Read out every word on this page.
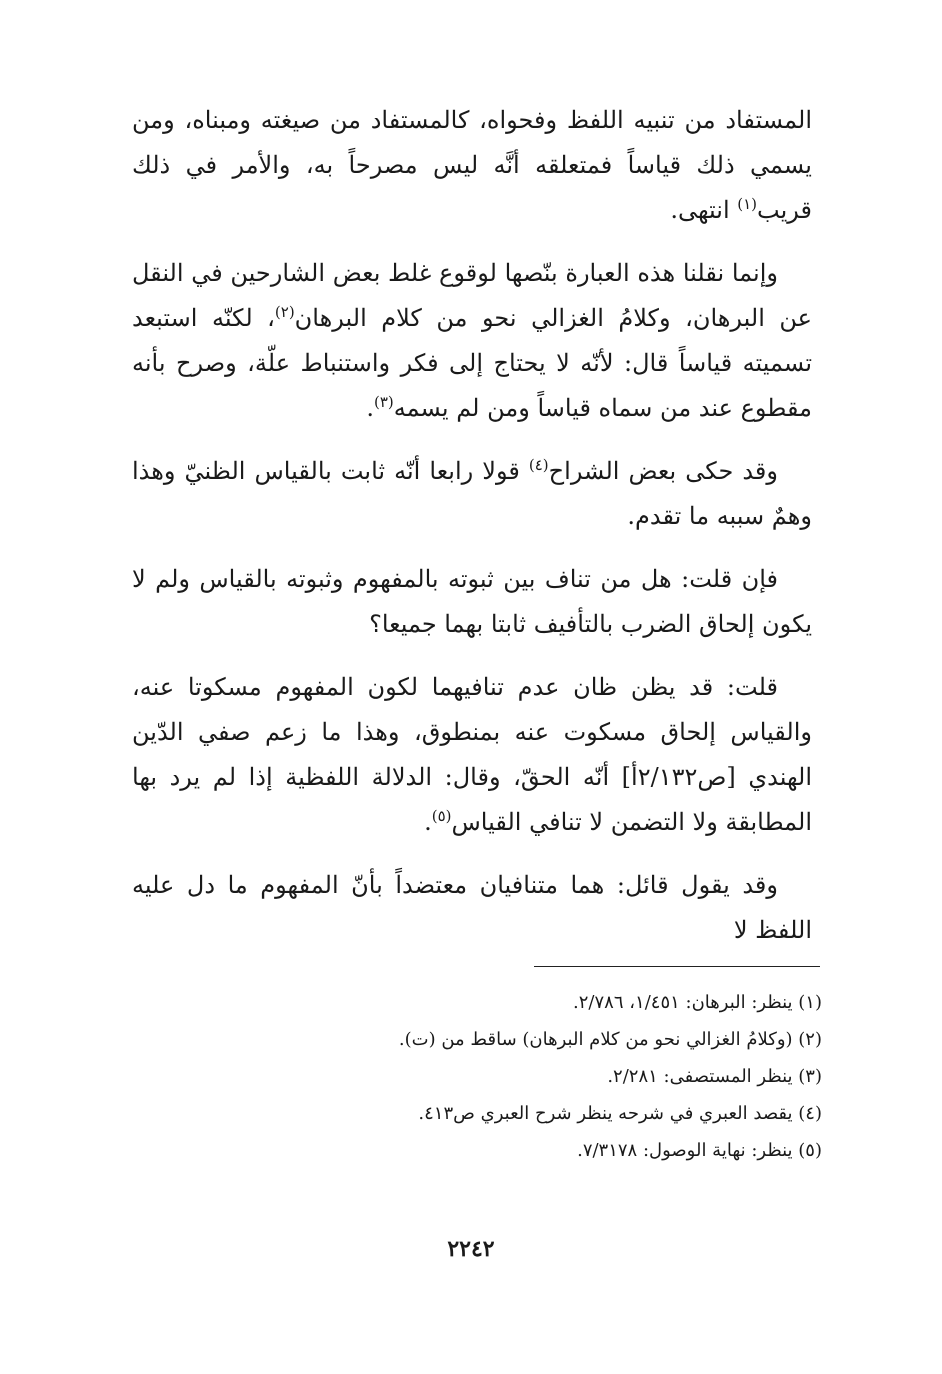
المستفاد من تنبيه اللفظ وفحواه، كالمستفاد من صيغته ومبناه، ومن يسمي ذلك قياساً فمتعلقه أنَّه ليس مصرحاً به، والأمر في ذلك قريب$^{(١)}$ انتهى.

وإنما نقلنا هذه العبارة بنّصها لوقوع غلط بعض الشارحين في النقل عن البرهان، وكلامُ الغزالي نحو من كلام البرهان$^{(٢)}$، لكنّه استبعد تسميته قياساً قال: لأنّه لا يحتاج إلى فكر واستنباط علّة، وصرح بأنه مقطوع عند من سماه قياساً ومن لم يسمه$^{(٣)}$.

وقد حكى بعض الشراح$^{(٤)}$ قولا رابعا أنّه ثابت بالقياس الظنيّ وهذا وهمٌ سببه ما تقدم.

فإن قلت: هل من تناف بين ثبوته بالمفهوم وثبوته بالقياس ولم لا يكون إلحاق الضرب بالتأفيف ثابتا بهما جميعا؟

قلت: قد يظن ظان عدم تنافيهما لكون المفهوم مسكوتا عنه، والقياس إلحاق مسكوت عنه بمنطوق، وهذا ما زعم صفي الدّين الهندي [ص٢/١٣٢أ] أنّه الحقّ، وقال: الدلالة اللفظية إذا لم يرد بها المطابقة ولا التضمن لا تنافي القياس$^{(٥)}$.

وقد يقول قائل: هما متنافيان معتضداً بأنّ المفهوم ما دل عليه اللفظ لا

(١) ينظر: البرهان: ١/٤٥١، ٢/٧٨٦.

(٢) (وكلامُ الغزالي نحو من كلام البرهان) ساقط من (ت).

(٣) ينظر المستصفى: ٢/٢٨١.

(٤) يقصد العبري في شرحه ينظر شرح العبري ص٤١٣.

(٥) ينظر: نهاية الوصول: ٧/٣١٧٨.

٢٢٤٢
